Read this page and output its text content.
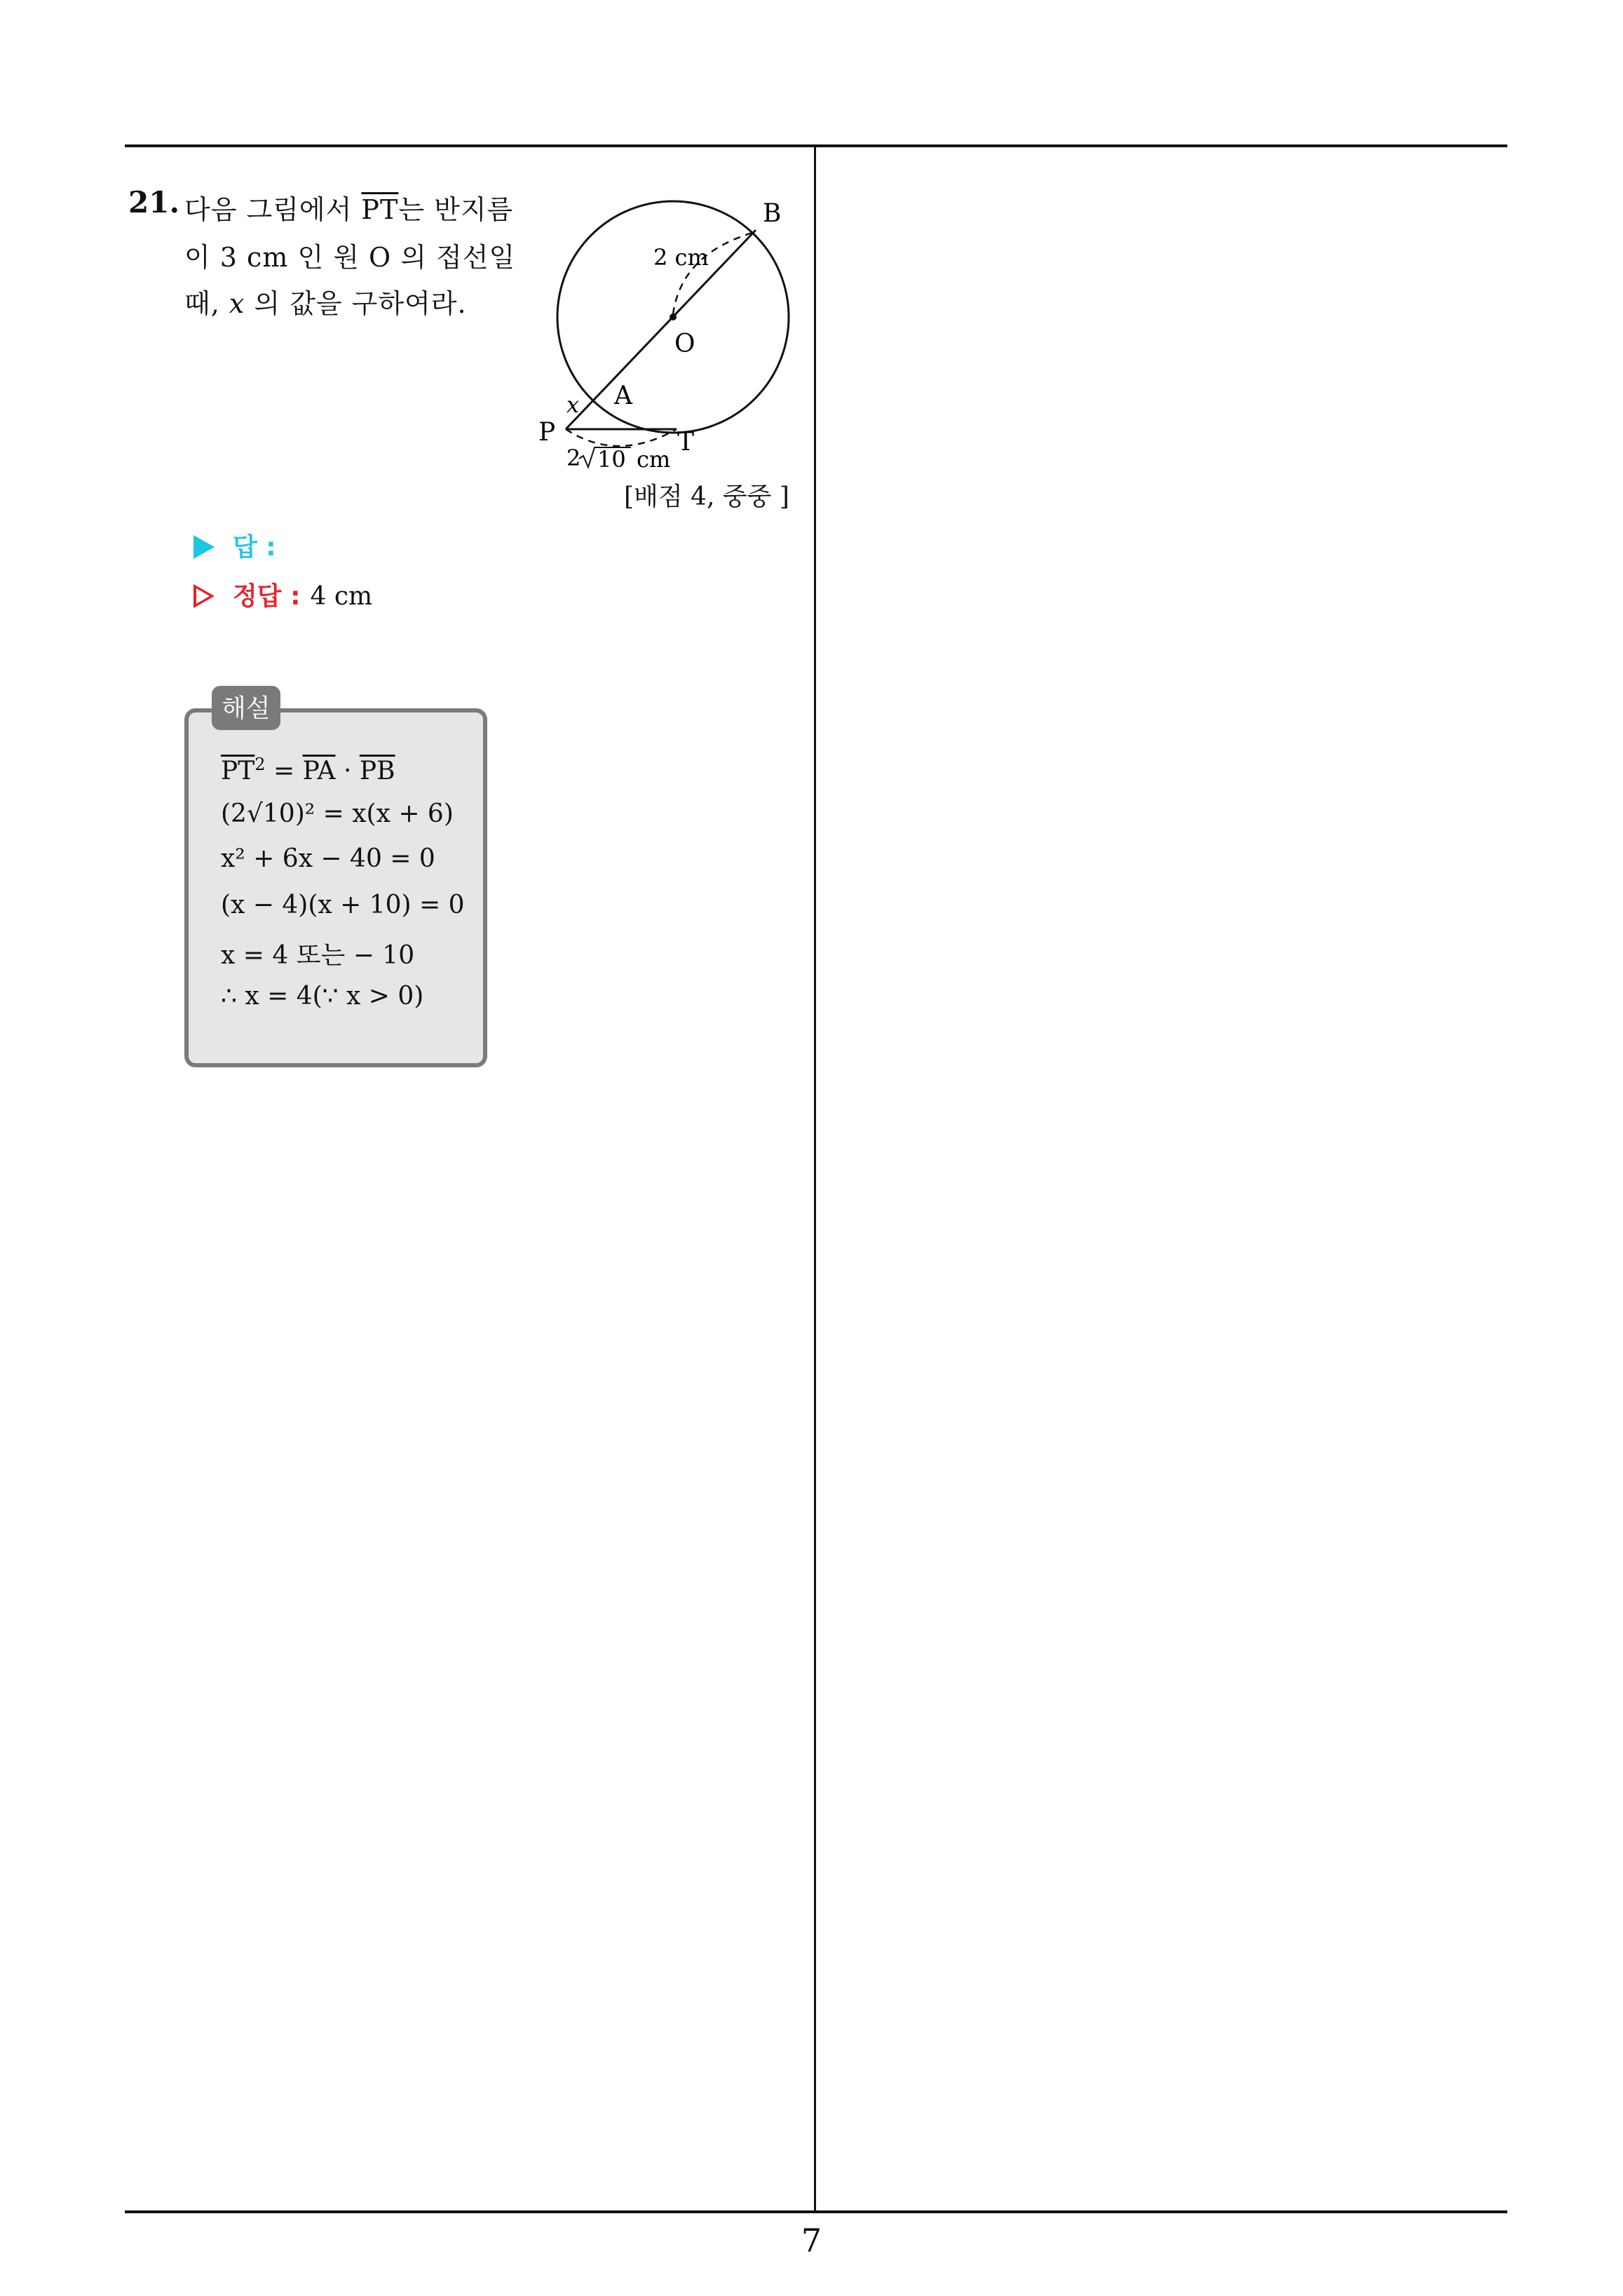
21. 다음 그림에서 $\overline{PT}$는 반지름
이 3 cm 인 원 O 의 접선일
때, x 의 값을 구하여라.
B
2 cm
O
A
x
P	T
2 10 cm
[배점 4, 중중 ]
답 :
정답 : 4 cm
해설
$\overline{PT}^2 = \overline{PA} \cdot \overline{PB}$
(2√10)² = x(x + 6)
x² + 6x − 40 = 0
(x − 4)(x + 10) = 0
x = 4 또는 − 10
∴ x = 4(∵ x > 0)
7
